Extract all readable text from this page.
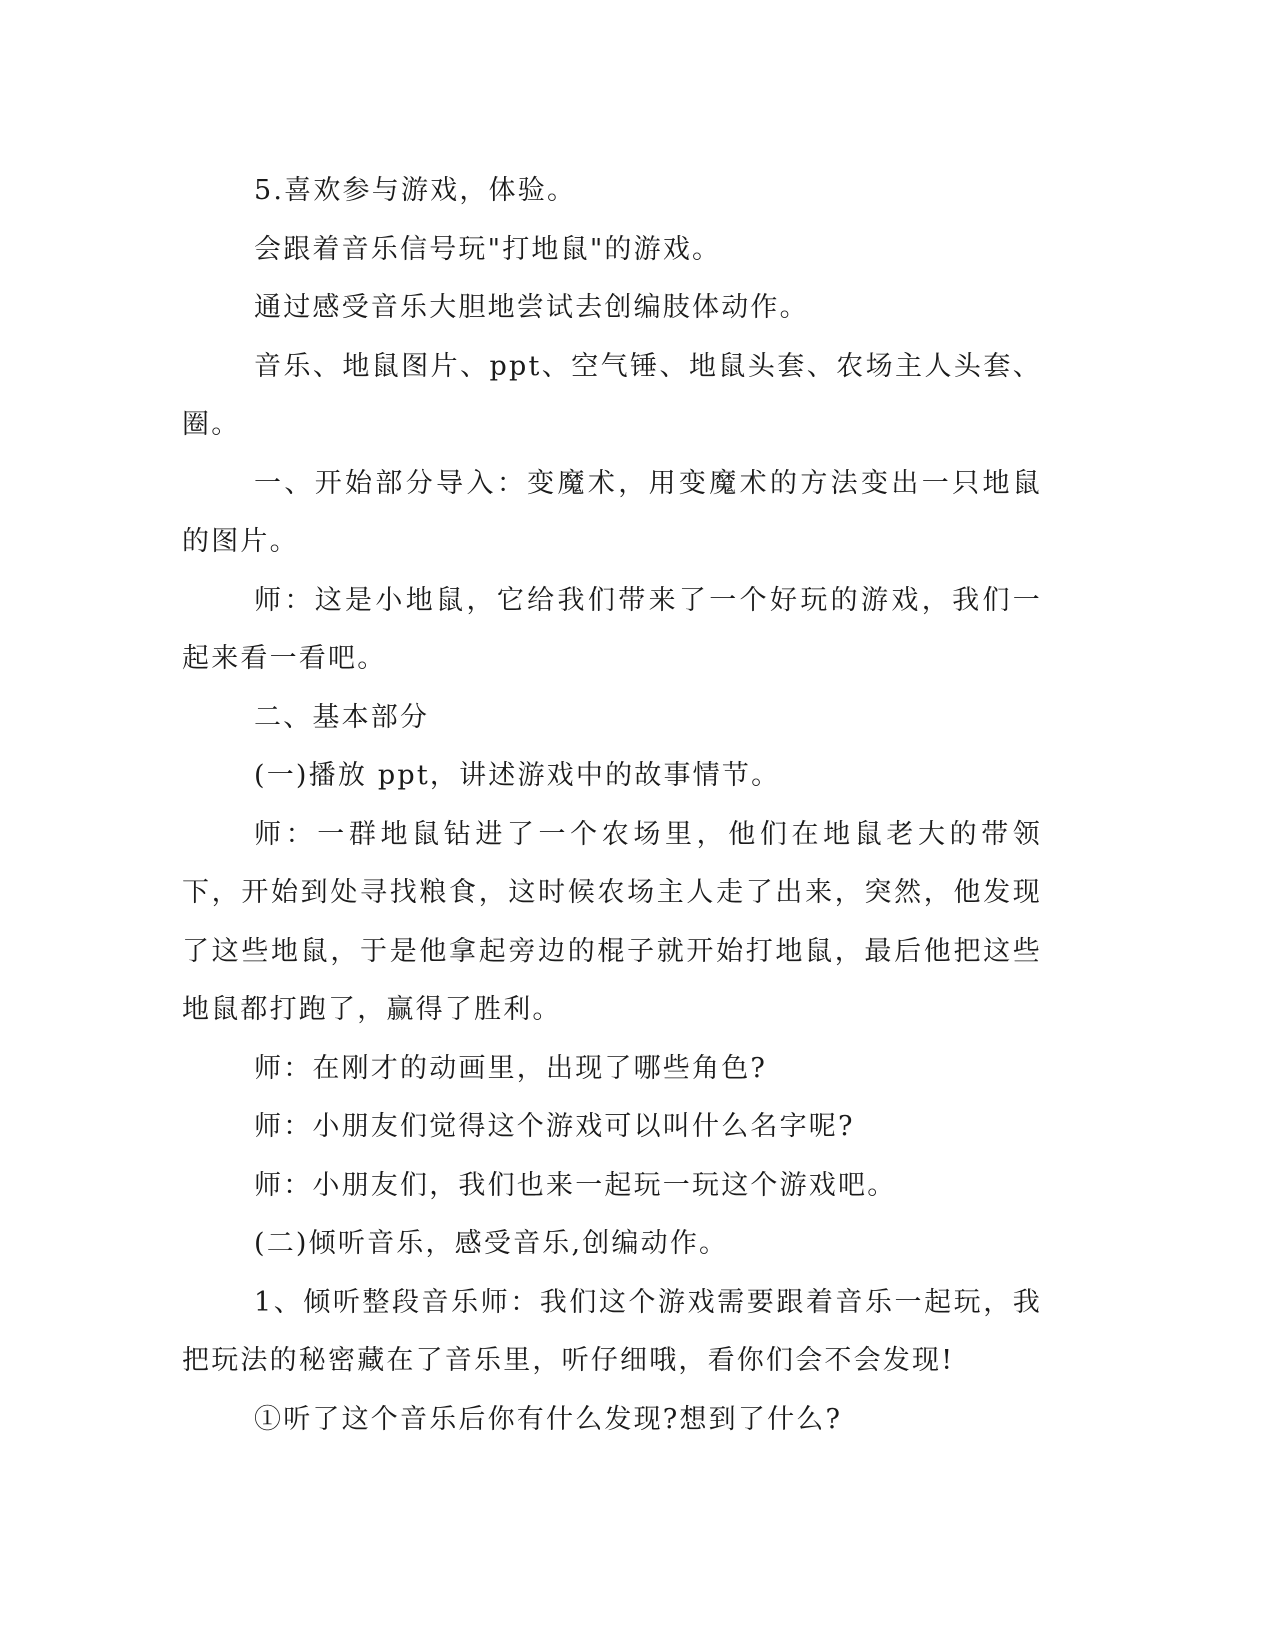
5.喜欢参与游戏，体验。

会跟着音乐信号玩"打地鼠"的游戏。

通过感受音乐大胆地尝试去创编肢体动作。

音乐、地鼠图片、ppt、空气锤、地鼠头套、农场主人头套、圈。

一、开始部分导入：变魔术，用变魔术的方法变出一只地鼠的图片。

师：这是小地鼠，它给我们带来了一个好玩的游戏，我们一起来看一看吧。

二、基本部分

(一)播放 ppt，讲述游戏中的故事情节。

师：一群地鼠钻进了一个农场里，他们在地鼠老大的带领下，开始到处寻找粮食，这时候农场主人走了出来，突然，他发现了这些地鼠，于是他拿起旁边的棍子就开始打地鼠，最后他把这些地鼠都打跑了，赢得了胜利。

师：在刚才的动画里，出现了哪些角色?

师：小朋友们觉得这个游戏可以叫什么名字呢?

师：小朋友们，我们也来一起玩一玩这个游戏吧。

(二)倾听音乐，感受音乐,创编动作。

1、倾听整段音乐师：我们这个游戏需要跟着音乐一起玩，我把玩法的秘密藏在了音乐里，听仔细哦，看你们会不会发现!

①听了这个音乐后你有什么发现?想到了什么?
